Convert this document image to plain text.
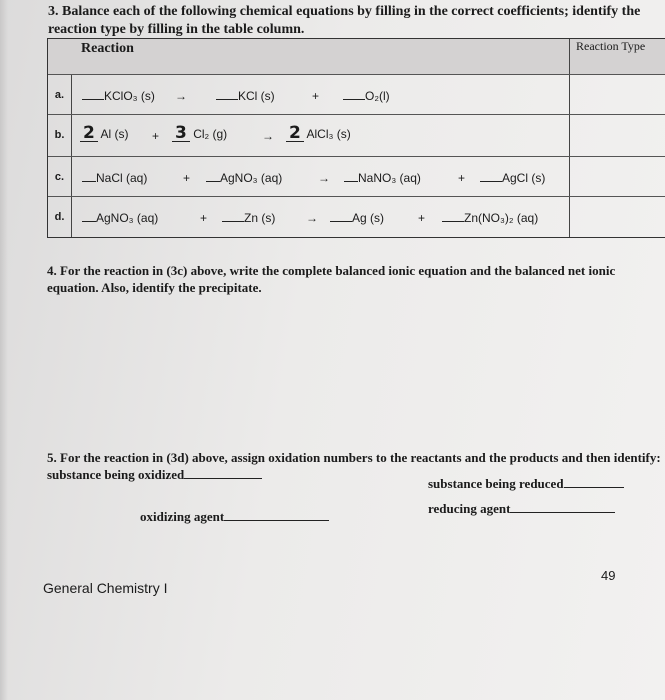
3. Balance each of the following chemical equations by filling in the correct coefficients; identify the reaction type by filling in the table column.
Reaction	Reaction Type
a.	KClO₃ (s) →	KCl (s)	+	O₂(l)
b.	2 Al (s) + 3 Cl₂ (g)	→ 2 AlCl₃ (s)
c.	NaCl (aq)	+	AgNO₃ (aq)	→	NaNO₃ (aq)	+	AgCl (s)
d.	AgNO₃ (aq)	+	Zn (s)	→	Ag (s)	+	Zn(NO₃)₂ (aq)
4. For the reaction in (3c) above, write the complete balanced ionic equation and the balanced net ionic equation. Also, identify the precipitate.
5. For the reaction in (3d) above, assign oxidation numbers to the reactants and the products and then identify: substance being oxidized
substance being reduced
oxidizing agent
reducing agent
49
General Chemistry I
